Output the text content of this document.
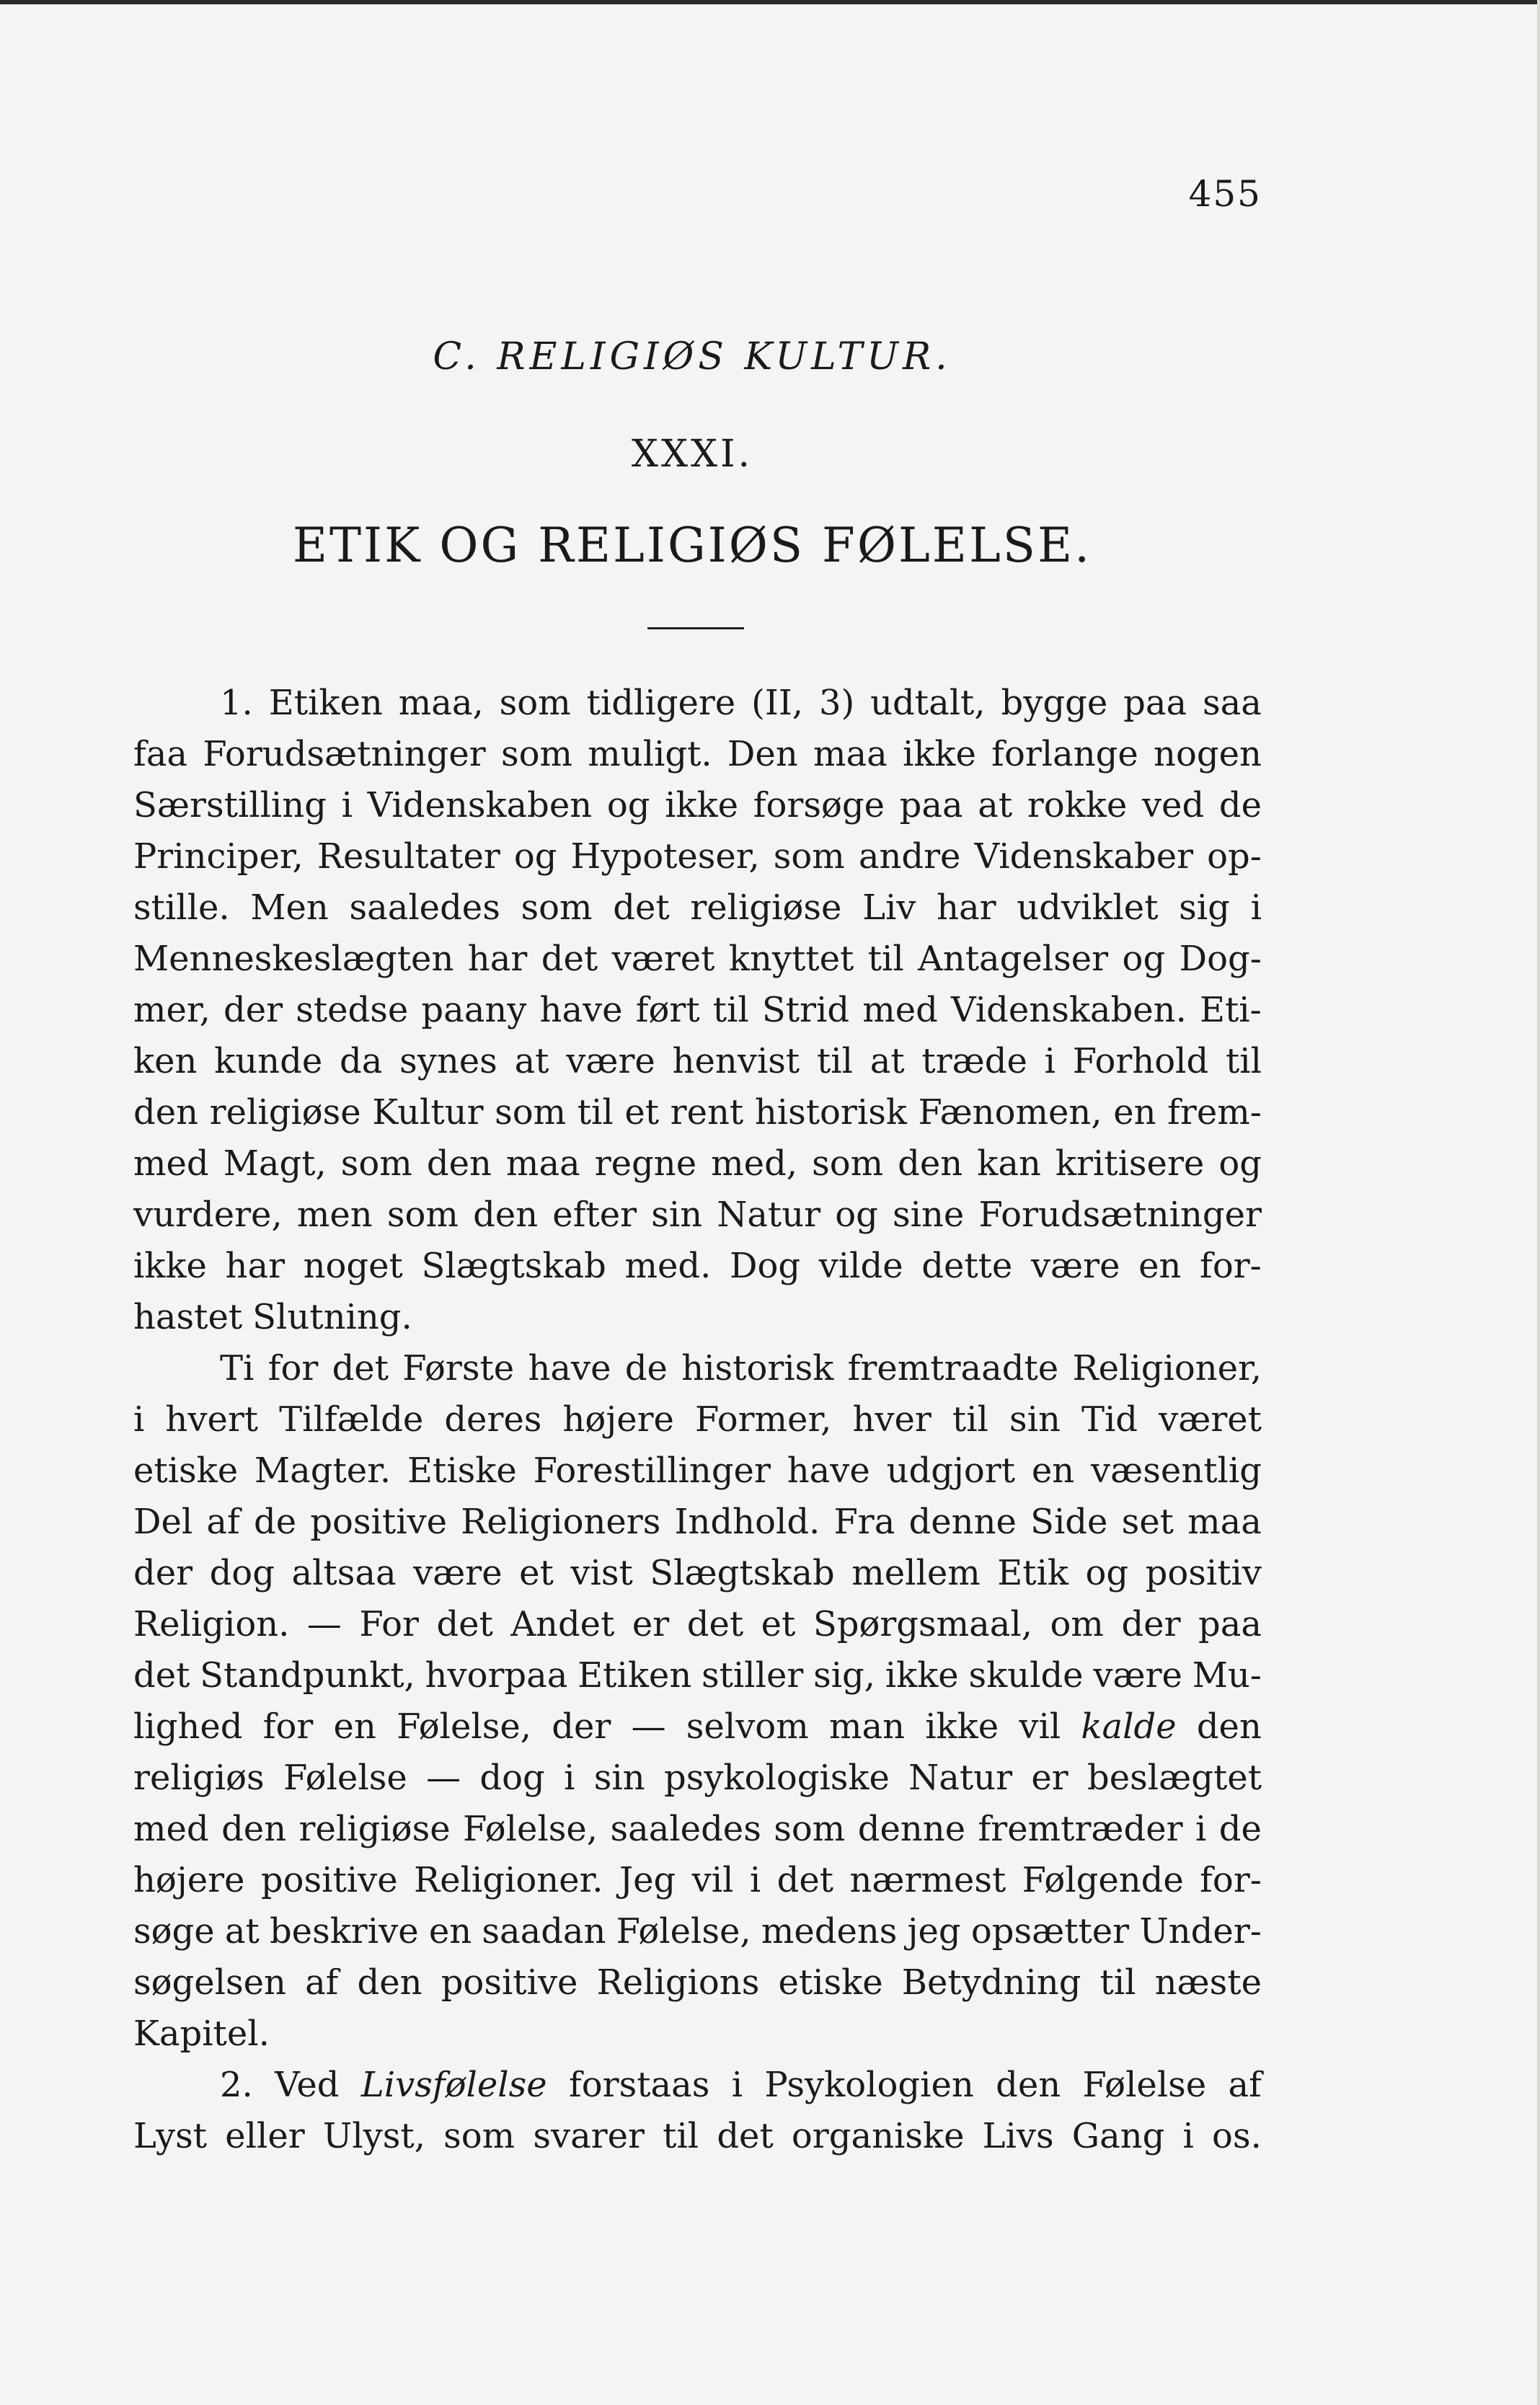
455
C. RELIGIØS KULTUR.
XXXI.
ETIK OG RELIGIØS FØLELSE.
1. Etiken maa, som tidligere (II, 3) udtalt, bygge paa saa
faa Forudsætninger som muligt. Den maa ikke forlange nogen
Særstilling i Videnskaben og ikke forsøge paa at rokke ved de
Principer, Resultater og Hypoteser, som andre Videnskaber op-
stille. Men saaledes som det religiøse Liv har udviklet sig i
Menneskeslægten har det været knyttet til Antagelser og Dog-
mer, der stedse paany have ført til Strid med Videnskaben. Eti-
ken kunde da synes at være henvist til at træde i Forhold til
den religiøse Kultur som til et rent historisk Fænomen, en frem-
med Magt, som den maa regne med, som den kan kritisere og
vurdere, men som den efter sin Natur og sine Forudsætninger
ikke har noget Slægtskab med. Dog vilde dette være en for-
hastet Slutning.
Ti for det Første have de historisk fremtraadte Religioner,
i hvert Tilfælde deres højere Former, hver til sin Tid været
etiske Magter. Etiske Forestillinger have udgjort en væsentlig
Del af de positive Religioners Indhold. Fra denne Side set maa
der dog altsaa være et vist Slægtskab mellem Etik og positiv
Religion. — For det Andet er det et Spørgsmaal, om der paa
det Standpunkt, hvorpaa Etiken stiller sig, ikke skulde være Mu-
lighed for en Følelse, der — selvom man ikke vil kalde den
religiøs Følelse — dog i sin psykologiske Natur er beslægtet
med den religiøse Følelse, saaledes som denne fremtræder i de
højere positive Religioner. Jeg vil i det nærmest Følgende for-
søge at beskrive en saadan Følelse, medens jeg opsætter Under-
søgelsen af den positive Religions etiske Betydning til næste
Kapitel.
2. Ved Livsfølelse forstaas i Psykologien den Følelse af
Lyst eller Ulyst, som svarer til det organiske Livs Gang i os.
